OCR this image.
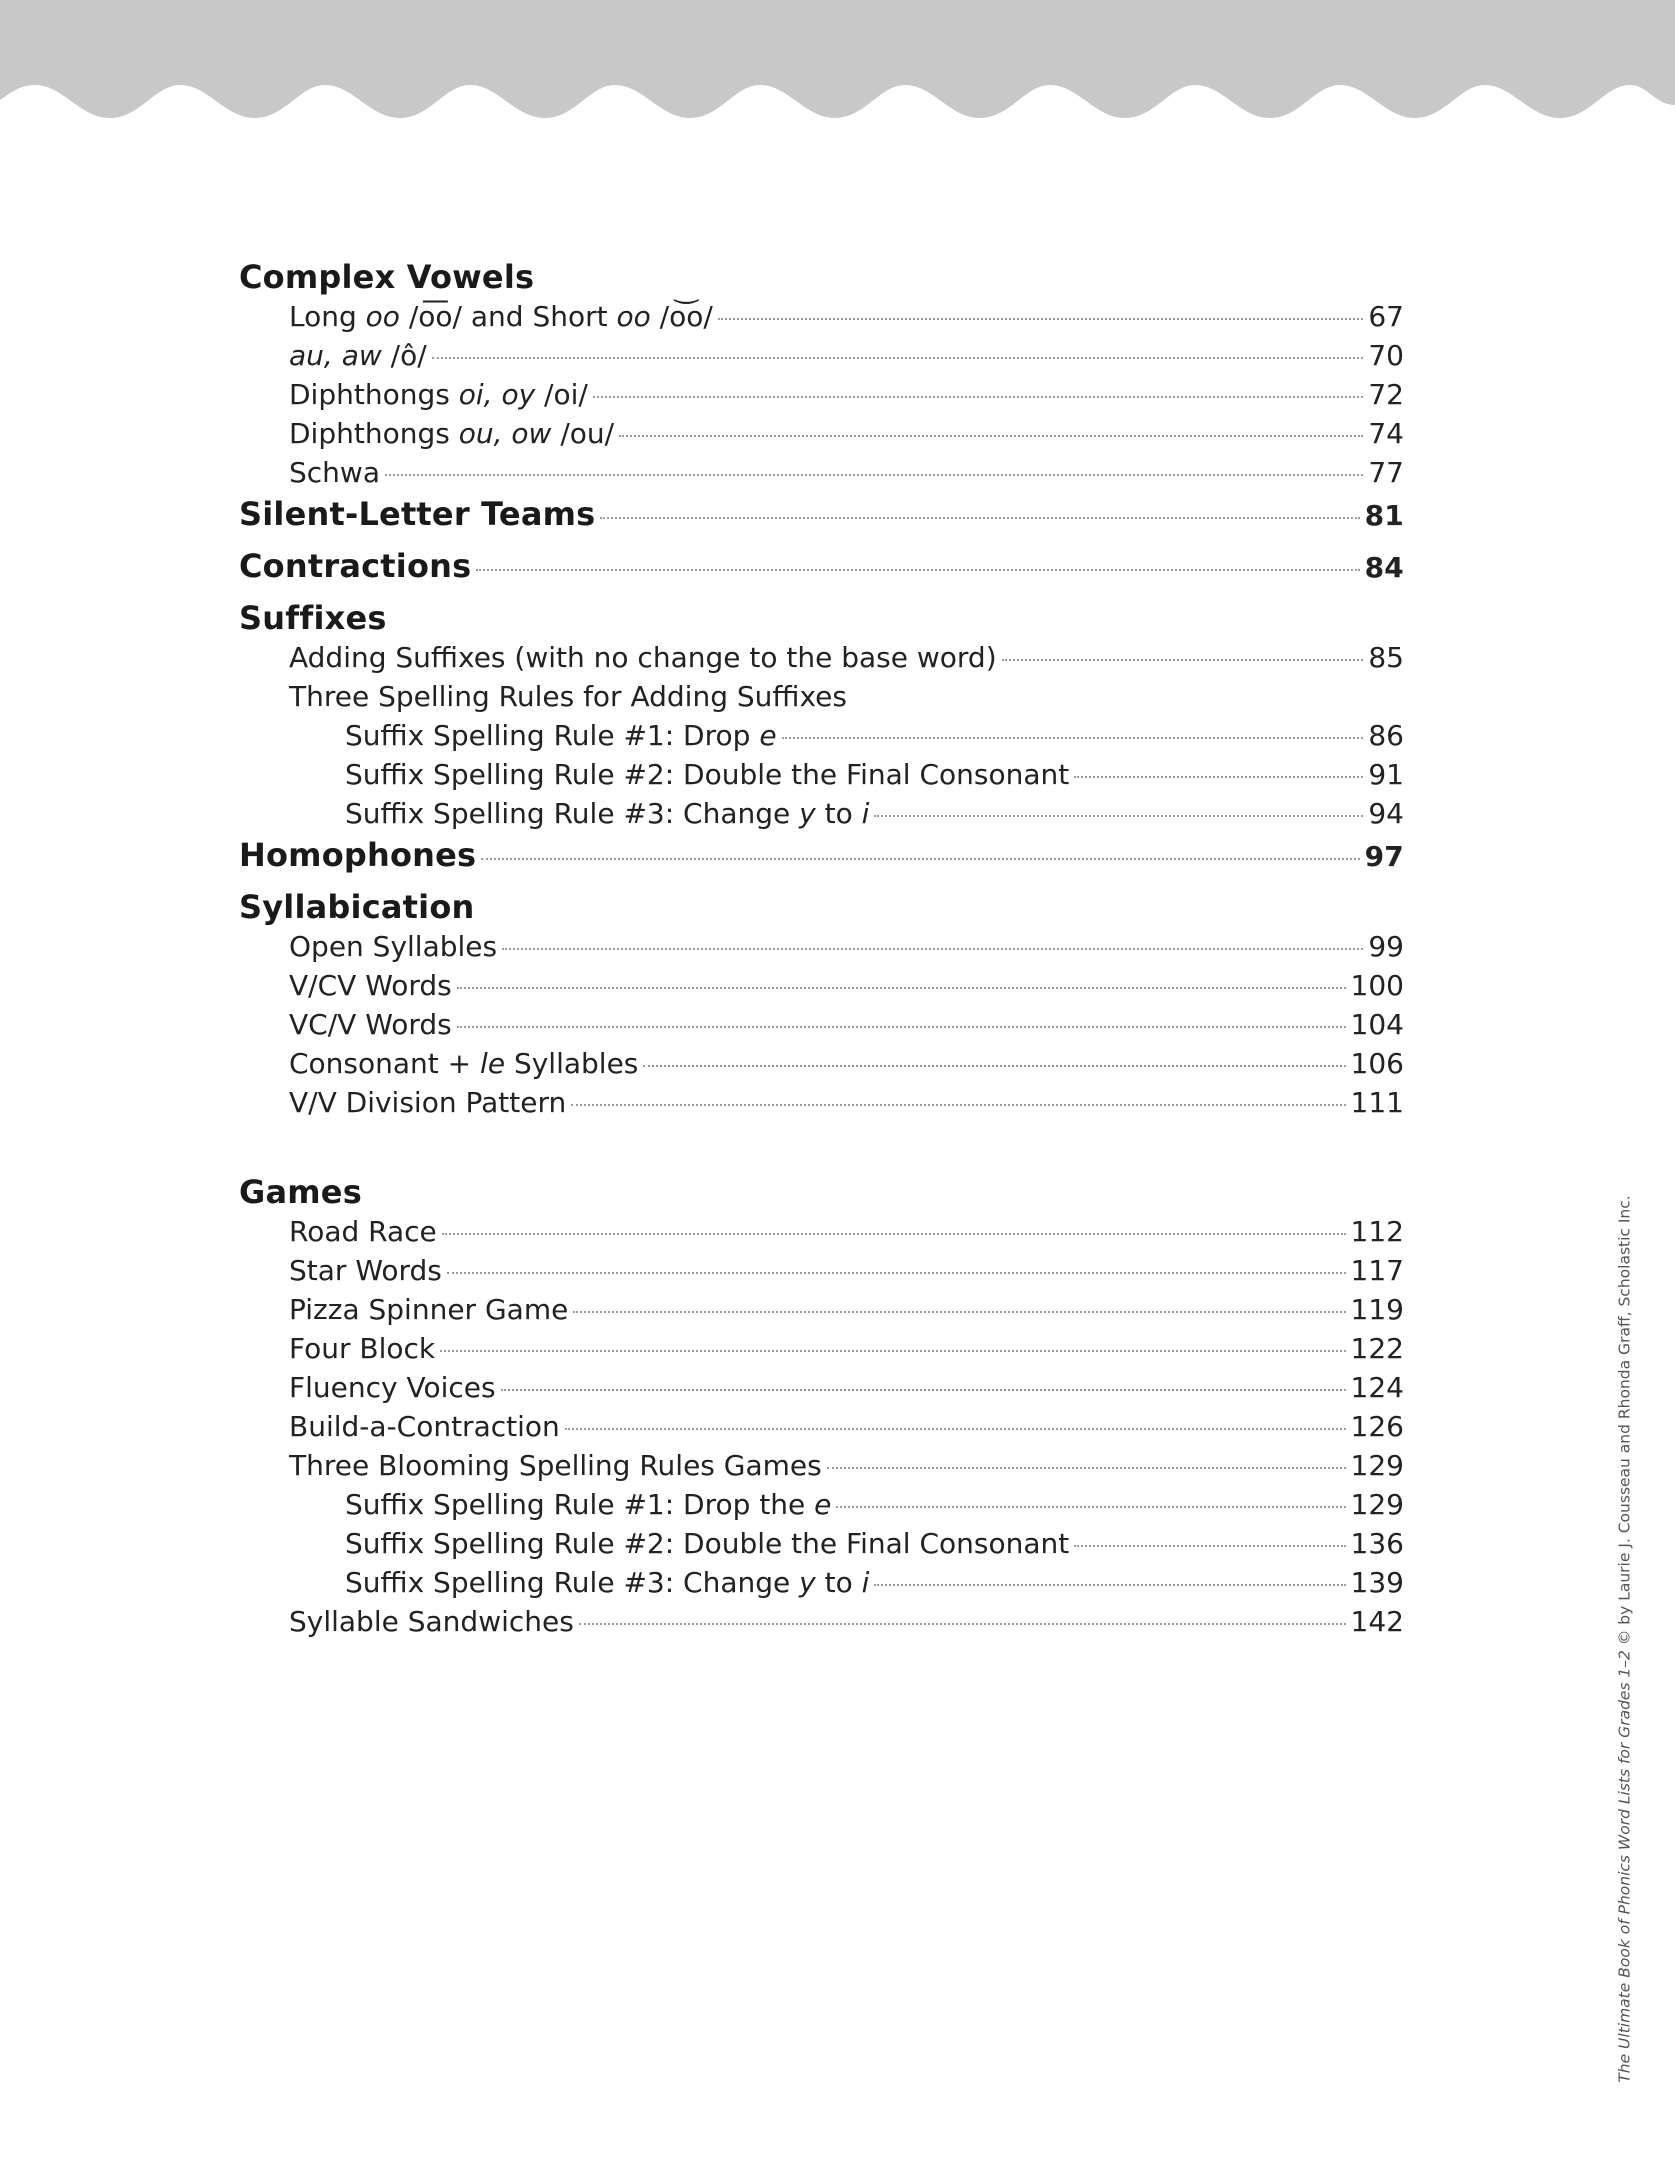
Complex Vowels
Long oo /o͞o/ and Short oo /o͝o/	67
au, aw /ô/	70
Diphthongs oi, oy /oi/	72
Diphthongs ou, ow /ou/	74
Schwa	77
Silent-Letter Teams	81
Contractions	84
Suffixes
Adding Suffixes (with no change to the base word)	85
Three Spelling Rules for Adding Suffixes
Suffix Spelling Rule #1: Drop e	86
Suffix Spelling Rule #2: Double the Final Consonant	91
Suffix Spelling Rule #3: Change y to i	94
Homophones	97
Syllabication
Open Syllables	99
V/CV Words	100
VC/V Words	104
Consonant + le Syllables	106
V/V Division Pattern	111
Games
Road Race	112
Star Words	117
Pizza Spinner Game	119
Four Block	122
Fluency Voices	124
Build-a-Contraction	126
Three Blooming Spelling Rules Games	129
Suffix Spelling Rule #1: Drop the e	129
Suffix Spelling Rule #2: Double the Final Consonant	136
Suffix Spelling Rule #3: Change y to i	139
Syllable Sandwiches	142
The Ultimate Book of Phonics Word Lists for Grades 1–2 © by Laurie J. Cousseau and Rhonda Graff, Scholastic Inc.
